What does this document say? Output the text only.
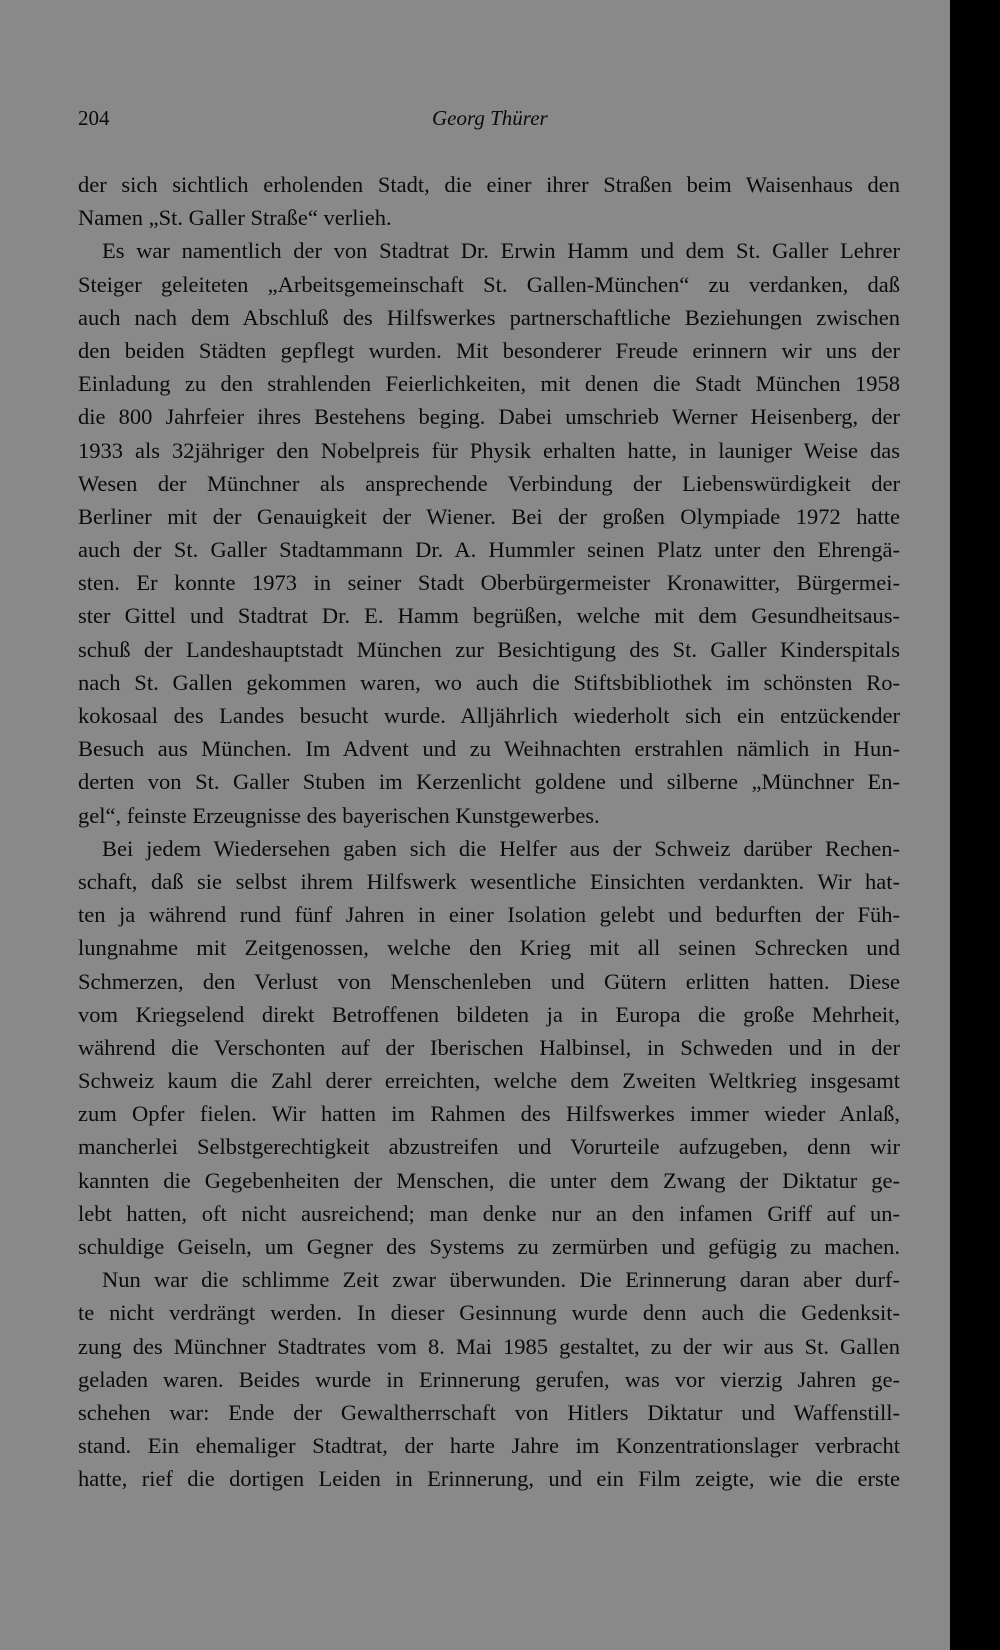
204	Georg Thürer
der sich sichtlich erholenden Stadt, die einer ihrer Straßen beim Waisenhaus den
Namen „St. Galler Straße“ verlieh.
Es war namentlich der von Stadtrat Dr. Erwin Hamm und dem St. Galler Lehrer
Steiger geleiteten „Arbeitsgemeinschaft St. Gallen-München“ zu verdanken, daß
auch nach dem Abschluß des Hilfswerkes partnerschaftliche Beziehungen zwischen
den beiden Städten gepflegt wurden. Mit besonderer Freude erinnern wir uns der
Einladung zu den strahlenden Feierlichkeiten, mit denen die Stadt München 1958
die 800 Jahrfeier ihres Bestehens beging. Dabei umschrieb Werner Heisenberg, der
1933 als 32jähriger den Nobelpreis für Physik erhalten hatte, in launiger Weise das
Wesen der Münchner als ansprechende Verbindung der Liebenswürdigkeit der
Berliner mit der Genauigkeit der Wiener. Bei der großen Olympiade 1972 hatte
auch der St. Galler Stadtammann Dr. A. Hummler seinen Platz unter den Ehrengä-
sten. Er konnte 1973 in seiner Stadt Oberbürgermeister Kronawitter, Bürgermei-
ster Gittel und Stadtrat Dr. E. Hamm begrüßen, welche mit dem Gesundheitsaus-
schuß der Landeshauptstadt München zur Besichtigung des St. Galler Kinderspitals
nach St. Gallen gekommen waren, wo auch die Stiftsbibliothek im schönsten Ro-
kokosaal des Landes besucht wurde. Alljährlich wiederholt sich ein entzückender
Besuch aus München. Im Advent und zu Weihnachten erstrahlen nämlich in Hun-
derten von St. Galler Stuben im Kerzenlicht goldene und silberne „Münchner En-
gel“, feinste Erzeugnisse des bayerischen Kunstgewerbes.
Bei jedem Wiedersehen gaben sich die Helfer aus der Schweiz darüber Rechen-
schaft, daß sie selbst ihrem Hilfswerk wesentliche Einsichten verdankten. Wir hat-
ten ja während rund fünf Jahren in einer Isolation gelebt und bedurften der Füh-
lungnahme mit Zeitgenossen, welche den Krieg mit all seinen Schrecken und
Schmerzen, den Verlust von Menschenleben und Gütern erlitten hatten. Diese
vom Kriegselend direkt Betroffenen bildeten ja in Europa die große Mehrheit,
während die Verschonten auf der Iberischen Halbinsel, in Schweden und in der
Schweiz kaum die Zahl derer erreichten, welche dem Zweiten Weltkrieg insgesamt
zum Opfer fielen. Wir hatten im Rahmen des Hilfswerkes immer wieder Anlaß,
mancherlei Selbstgerechtigkeit abzustreifen und Vorurteile aufzugeben, denn wir
kannten die Gegebenheiten der Menschen, die unter dem Zwang der Diktatur ge-
lebt hatten, oft nicht ausreichend; man denke nur an den infamen Griff auf un-
schuldige Geiseln, um Gegner des Systems zu zermürben und gefügig zu machen.
Nun war die schlimme Zeit zwar überwunden. Die Erinnerung daran aber durf-
te nicht verdrängt werden. In dieser Gesinnung wurde denn auch die Gedenksit-
zung des Münchner Stadtrates vom 8. Mai 1985 gestaltet, zu der wir aus St. Gallen
geladen waren. Beides wurde in Erinnerung gerufen, was vor vierzig Jahren ge-
schehen war: Ende der Gewaltherrschaft von Hitlers Diktatur und Waffenstill-
stand. Ein ehemaliger Stadtrat, der harte Jahre im Konzentrationslager verbracht
hatte, rief die dortigen Leiden in Erinnerung, und ein Film zeigte, wie die erste
